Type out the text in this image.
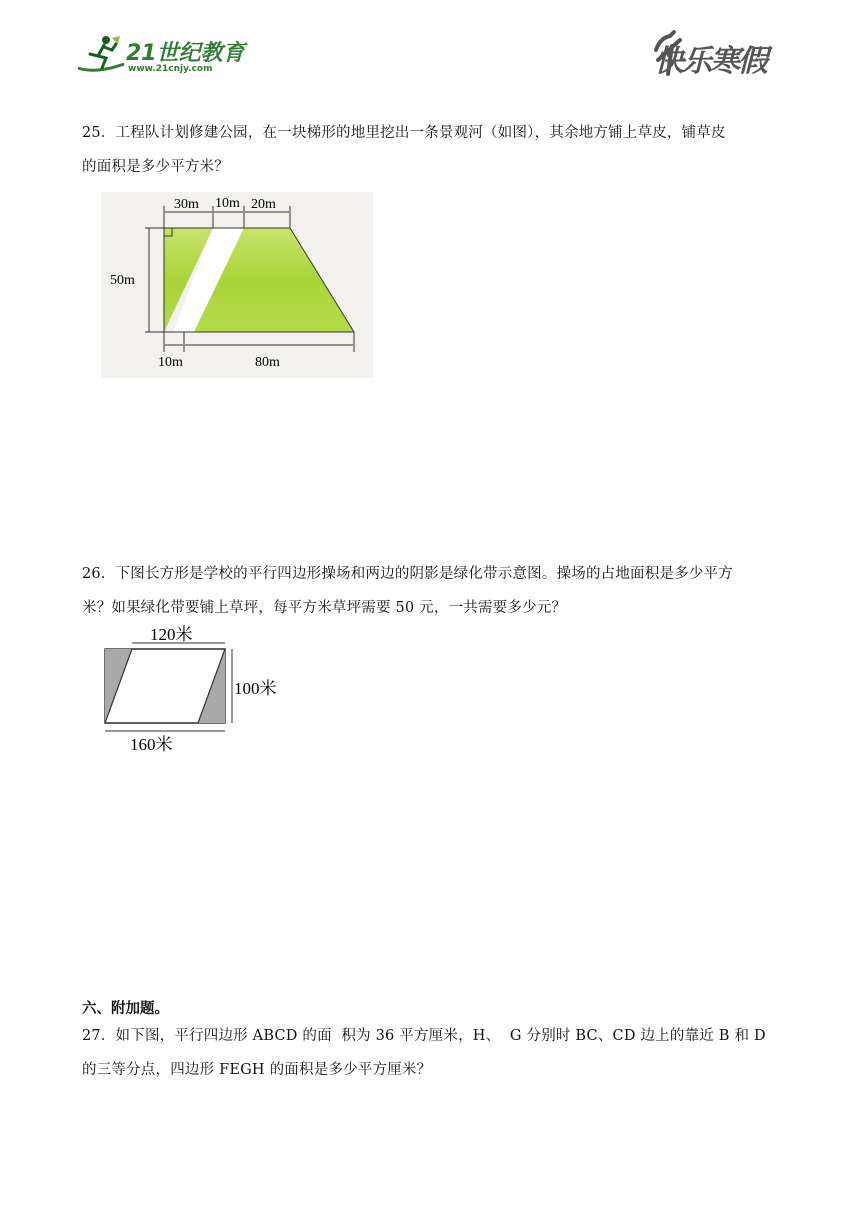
21世纪教育
www.21cnjy.com	快乐寒假
25．工程队计划修建公园，在一块梯形的地里挖出一条景观河（如图），其余地方铺上草皮，铺草皮
的面积是多少平方米？
30m 10m 20m
50m
10m	80m
26．下图长方形是学校的平行四边形操场和两边的阴影是绿化带示意图。操场的占地面积是多少平方
米？如果绿化带要铺上草坪，每平方米草坪需要 50 元，一共需要多少元？
120米
100米
160米
六、附加题。
27．如下图，平行四边形 ABCD 的面  积为 36 平方厘米，H、  G 分别时 BC、CD 边上的靠近 B 和 D
的三等分点，四边形 FEGH 的面积是多少平方厘米？
